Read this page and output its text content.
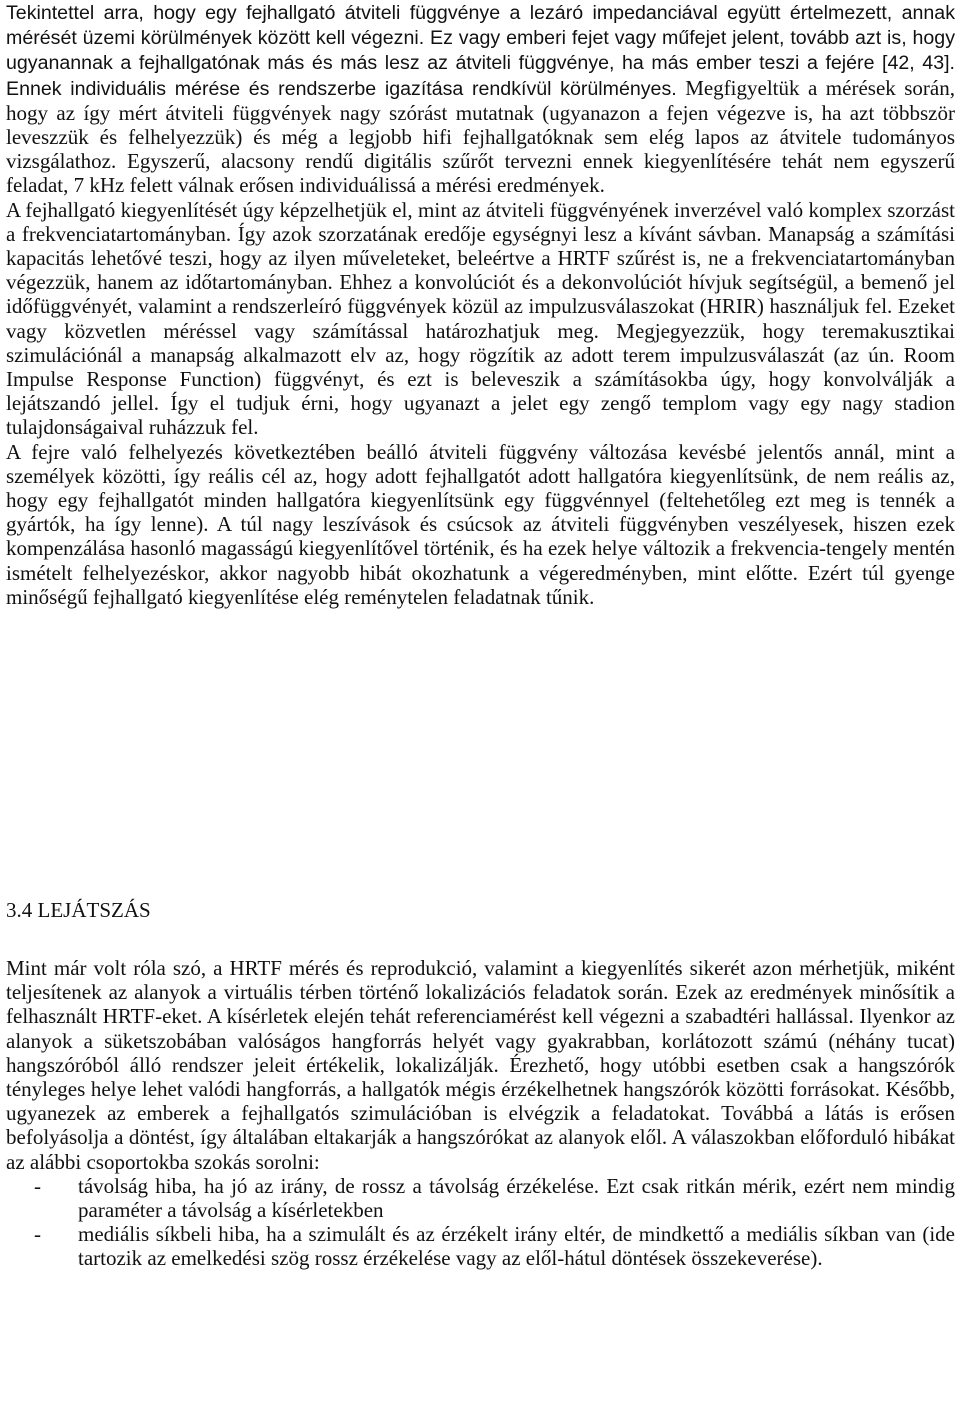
Tekintettel arra, hogy egy fejhallgató átviteli függvénye a lezáró impedanciával együtt értelmezett, annak mérését üzemi körülmények között kell végezni. Ez vagy emberi fejet vagy műfejet jelent, tovább azt is, hogy ugyanannak a fejhallgatónak más és más lesz az átviteli függvénye, ha más ember teszi a fejére [42, 43]. Ennek individuális mérése és rendszerbe igazítása rendkívül körülményes. Megfigyeltük a mérések során, hogy az így mért átviteli függvények nagy szórást mutatnak (ugyanazon a fejen végezve is, ha azt többször leveszzük és felhelyezzük) és még a legjobb hifi fejhallgatóknak sem elég lapos az átvitele tudományos vizsgálathoz. Egyszerű, alacsony rendű digitális szűrőt tervezni ennek kiegyenlítésére tehát nem egyszerű feladat, 7 kHz felett válnak erősen individuálissá a mérési eredmények.

A fejhallgató kiegyenlítését úgy képzelhetjük el, mint az átviteli függvényének inverzével való komplex szorzást a frekvenciatartományban. Így azok szorzatának eredője egységnyi lesz a kívánt sávban. Manapság a számítási kapacitás lehetővé teszi, hogy az ilyen műveleteket, beleértve a HRTF szűrést is, ne a frekvenciatartományban végezzük, hanem az időtartományban. Ehhez a konvolúciót és a dekonvolúciót hívjuk segítségül, a bemenő jel időfüggvényét, valamint a rendszerleíró függvények közül az impulzusválaszokat (HRIR) használjuk fel. Ezeket vagy közvetlen méréssel vagy számítással határozhatjuk meg. Megjegyezzük, hogy teremakusztikai szimulációnál a manapság alkalmazott elv az, hogy rögzítik az adott terem impulzusválaszát (az ún. Room Impulse Response Function) függvényt, és ezt is beleveszik a számításokba úgy, hogy konvolválják a lejátszandó jellel. Így el tudjuk érni, hogy ugyanazt a jelet egy zengő templom vagy egy nagy stadion tulajdonságaival ruházzuk fel.

A fejre való felhelyezés következtében beálló átviteli függvény változása kevésbé jelentős annál, mint a személyek közötti, így reális cél az, hogy adott fejhallgatót adott hallgatóra kiegyenlítsünk, de nem reális az, hogy egy fejhallgatót minden hallgatóra kiegyenlítsünk egy függvénnyel (feltehetőleg ezt meg is tennék a gyártók, ha így lenne). A túl nagy leszívások és csúcsok az átviteli függvényben veszélyesek, hiszen ezek kompenzálása hasonló magasságú kiegyenlítővel történik, és ha ezek helye változik a frekvencia-tengely mentén ismételt felhelyezéskor, akkor nagyobb hibát okozhatunk a végeredményben, mint előtte. Ezért túl gyenge minőségű fejhallgató kiegyenlítése elég reménytelen feladatnak tűnik.

3.4 LEJÁTSZÁS

Mint már volt róla szó, a HRTF mérés és reprodukció, valamint a kiegyenlítés sikerét azon mérhetjük, miként teljesítenek az alanyok a virtuális térben történő lokalizációs feladatok során. Ezek az eredmények minősítik a felhasznált HRTF-eket. A kísérletek elején tehát referenciamérést kell végezni a szabadtéri hallással. Ilyenkor az alanyok a süketszobában valóságos hangforrás helyét vagy gyakrabban, korlátozott számú (néhány tucat) hangszóróból álló rendszer jeleit értékelik, lokalizálják. Érezhető, hogy utóbbi esetben csak a hangszórók tényleges helye lehet valódi hangforrás, a hallgatók mégis érzékelhetnek hangszórók közötti forrásokat. Később, ugyanezek az emberek a fejhallgatós szimulációban is elvégzik a feladatokat. Továbbá a látás is erősen befolyásolja a döntést, így általában eltakarják a hangszórókat az alanyok elől. A válaszokban előforduló hibákat az alábbi csoportokba szokás sorolni:

- távolság hiba, ha jó az irány, de rossz a távolság érzékelése. Ezt csak ritkán mérik, ezért nem mindig paraméter a távolság a kísérletekben
- mediális síkbeli hiba, ha a szimulált és az érzékelt irány eltér, de mindkettő a mediális síkban van (ide tartozik az emelkedési szög rossz érzékelése vagy az elől-hátul döntések összekeverése).
